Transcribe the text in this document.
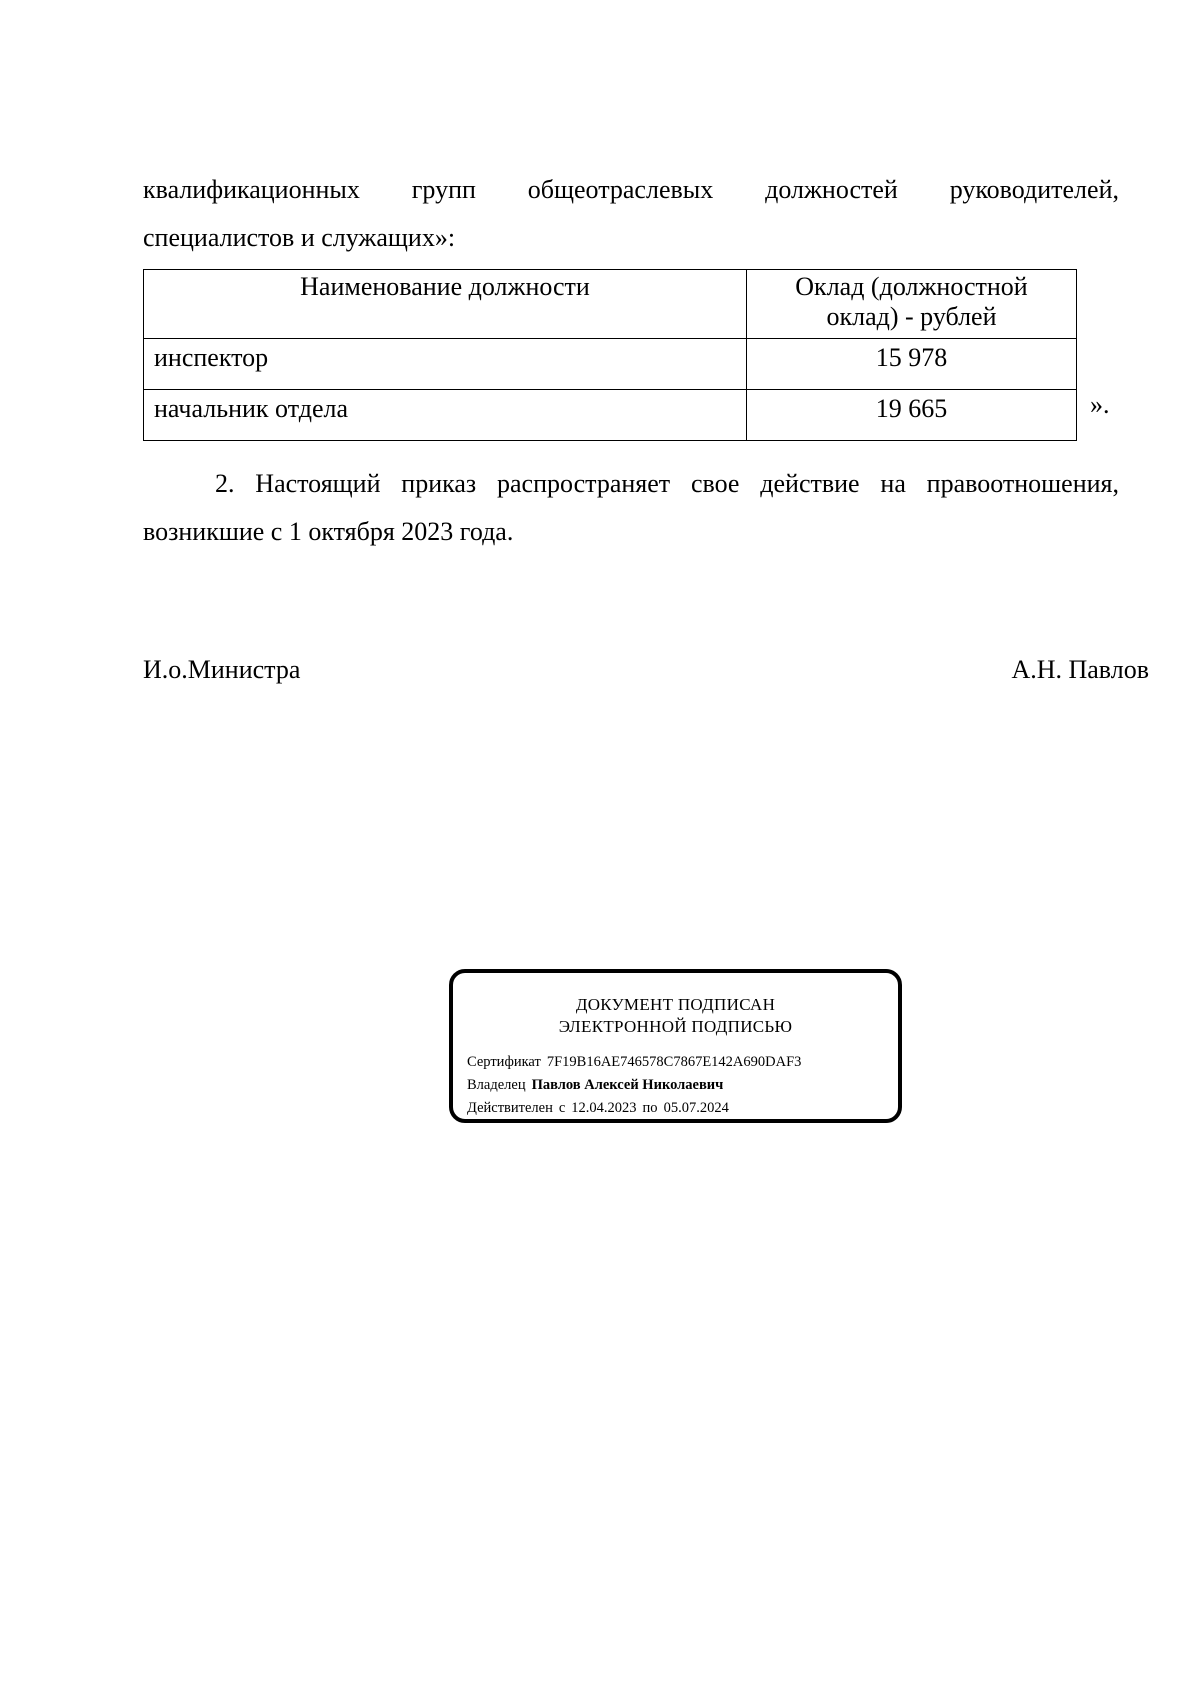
квалификационных групп общеотраслевых должностей руководителей,
специалистов и служащих»:
Наименование должности	Оклад (должностной
оклад) - рублей
инспектор	15 978
начальник отдела	19 665	».
2. Настоящий приказ распространяет свое действие на правоотношения,
возникшие с 1 октября 2023 года.
И.о.Министра	А.Н. Павлов
ДОКУМЕНТ ПОДПИСАН
ЭЛЕКТРОННОЙ ПОДПИСЬЮ
Сертификат 7F19B16AE746578C7867E142A690DAF3
Владелец Павлов Алексей Николаевич
Действителен с 12.04.2023 по 05.07.2024
